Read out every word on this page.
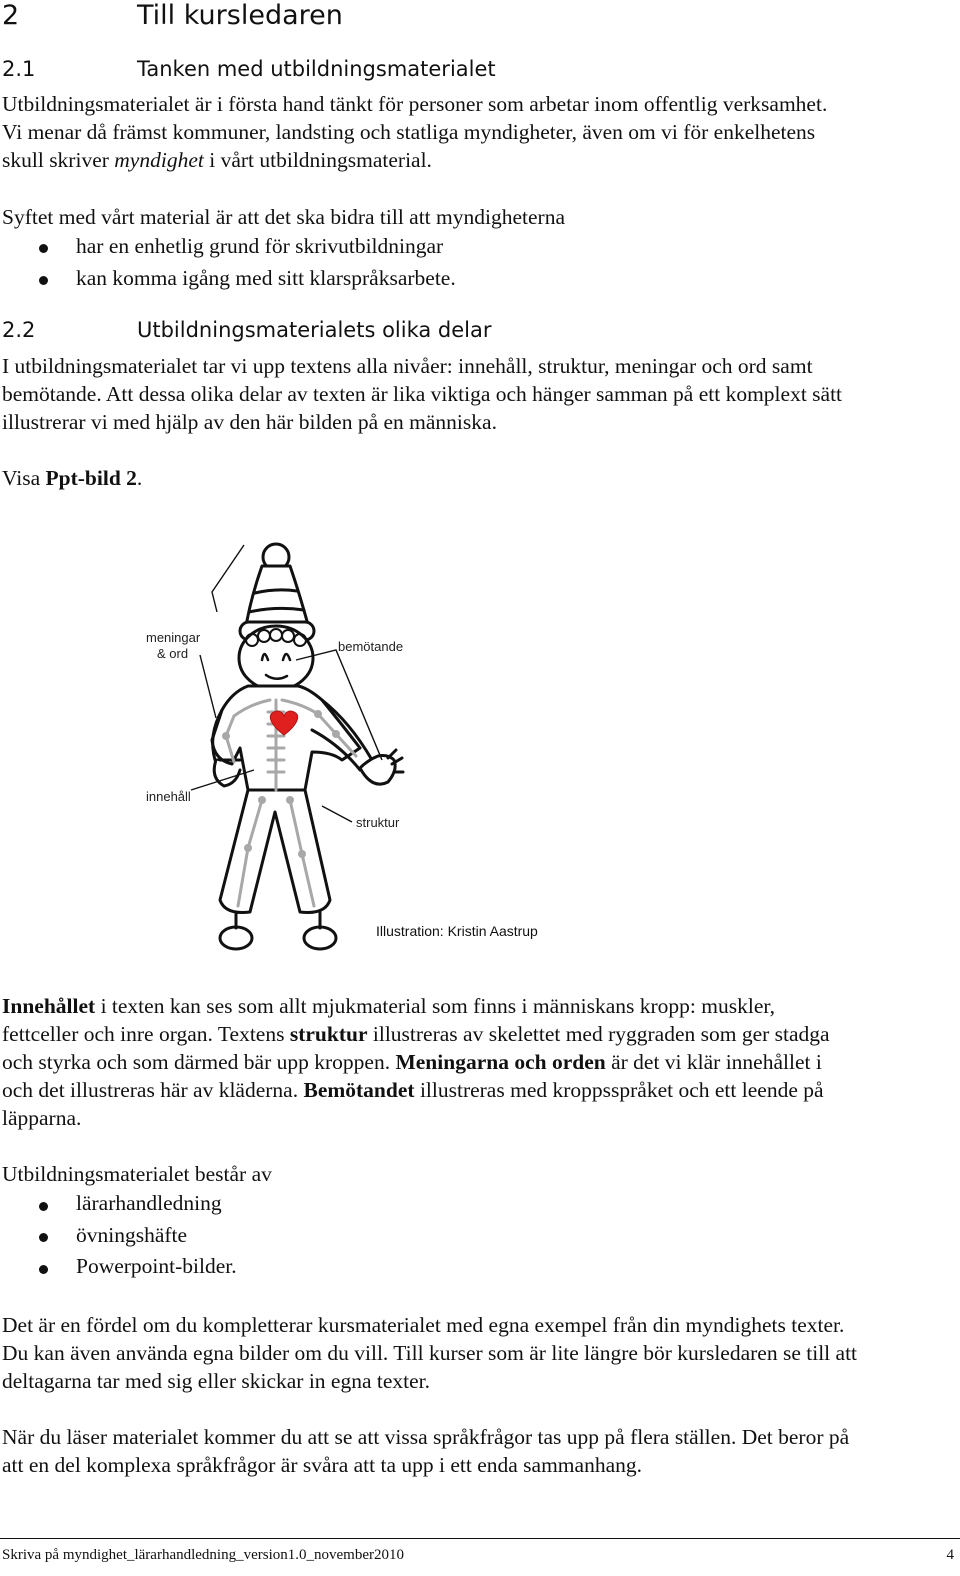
2	Till kursledaren
2.1	Tanken med utbildningsmaterialet
Utbildningsmaterialet är i första hand tänkt för personer som arbetar inom offentlig verksamhet.
Vi menar då främst kommuner, landsting och statliga myndigheter, även om vi för enkelhetens
skull skriver myndighet i vårt utbildningsmaterial.
Syftet med vårt material är att det ska bidra till att myndigheterna
har en enhetlig grund för skrivutbildningar
kan komma igång med sitt klarspråksarbete.
2.2	Utbildningsmaterialets olika delar
I utbildningsmaterialet tar vi upp textens alla nivåer: innehåll, struktur, meningar och ord samt
bemötande. Att dessa olika delar av texten är lika viktiga och hänger samman på ett komplext sätt
illustrerar vi med hjälp av den här bilden på en människa.
Visa Ppt-bild 2.
meningar
& ord	bemötande
innehåll
struktur
Illustration: Kristin Aastrup
Innehållet i texten kan ses som allt mjukmaterial som finns i människans kropp: muskler,
fettceller och inre organ. Textens struktur illustreras av skelettet med ryggraden som ger stadga
och styrka och som därmed bär upp kroppen. Meningarna och orden är det vi klär innehållet i
och det illustreras här av kläderna. Bemötandet illustreras med kroppsspråket och ett leende på
läpparna.
Utbildningsmaterialet består av
lärarhandledning
övningshäfte
Powerpoint-bilder.
Det är en fördel om du kompletterar kursmaterialet med egna exempel från din myndighets texter.
Du kan även använda egna bilder om du vill. Till kurser som är lite längre bör kursledaren se till att
deltagarna tar med sig eller skickar in egna texter.
När du läser materialet kommer du att se att vissa språkfrågor tas upp på flera ställen. Det beror på
att en del komplexa språkfrågor är svåra att ta upp i ett enda sammanhang.
Skriva på myndighet_lärarhandledning_version1.0_november2010	4
